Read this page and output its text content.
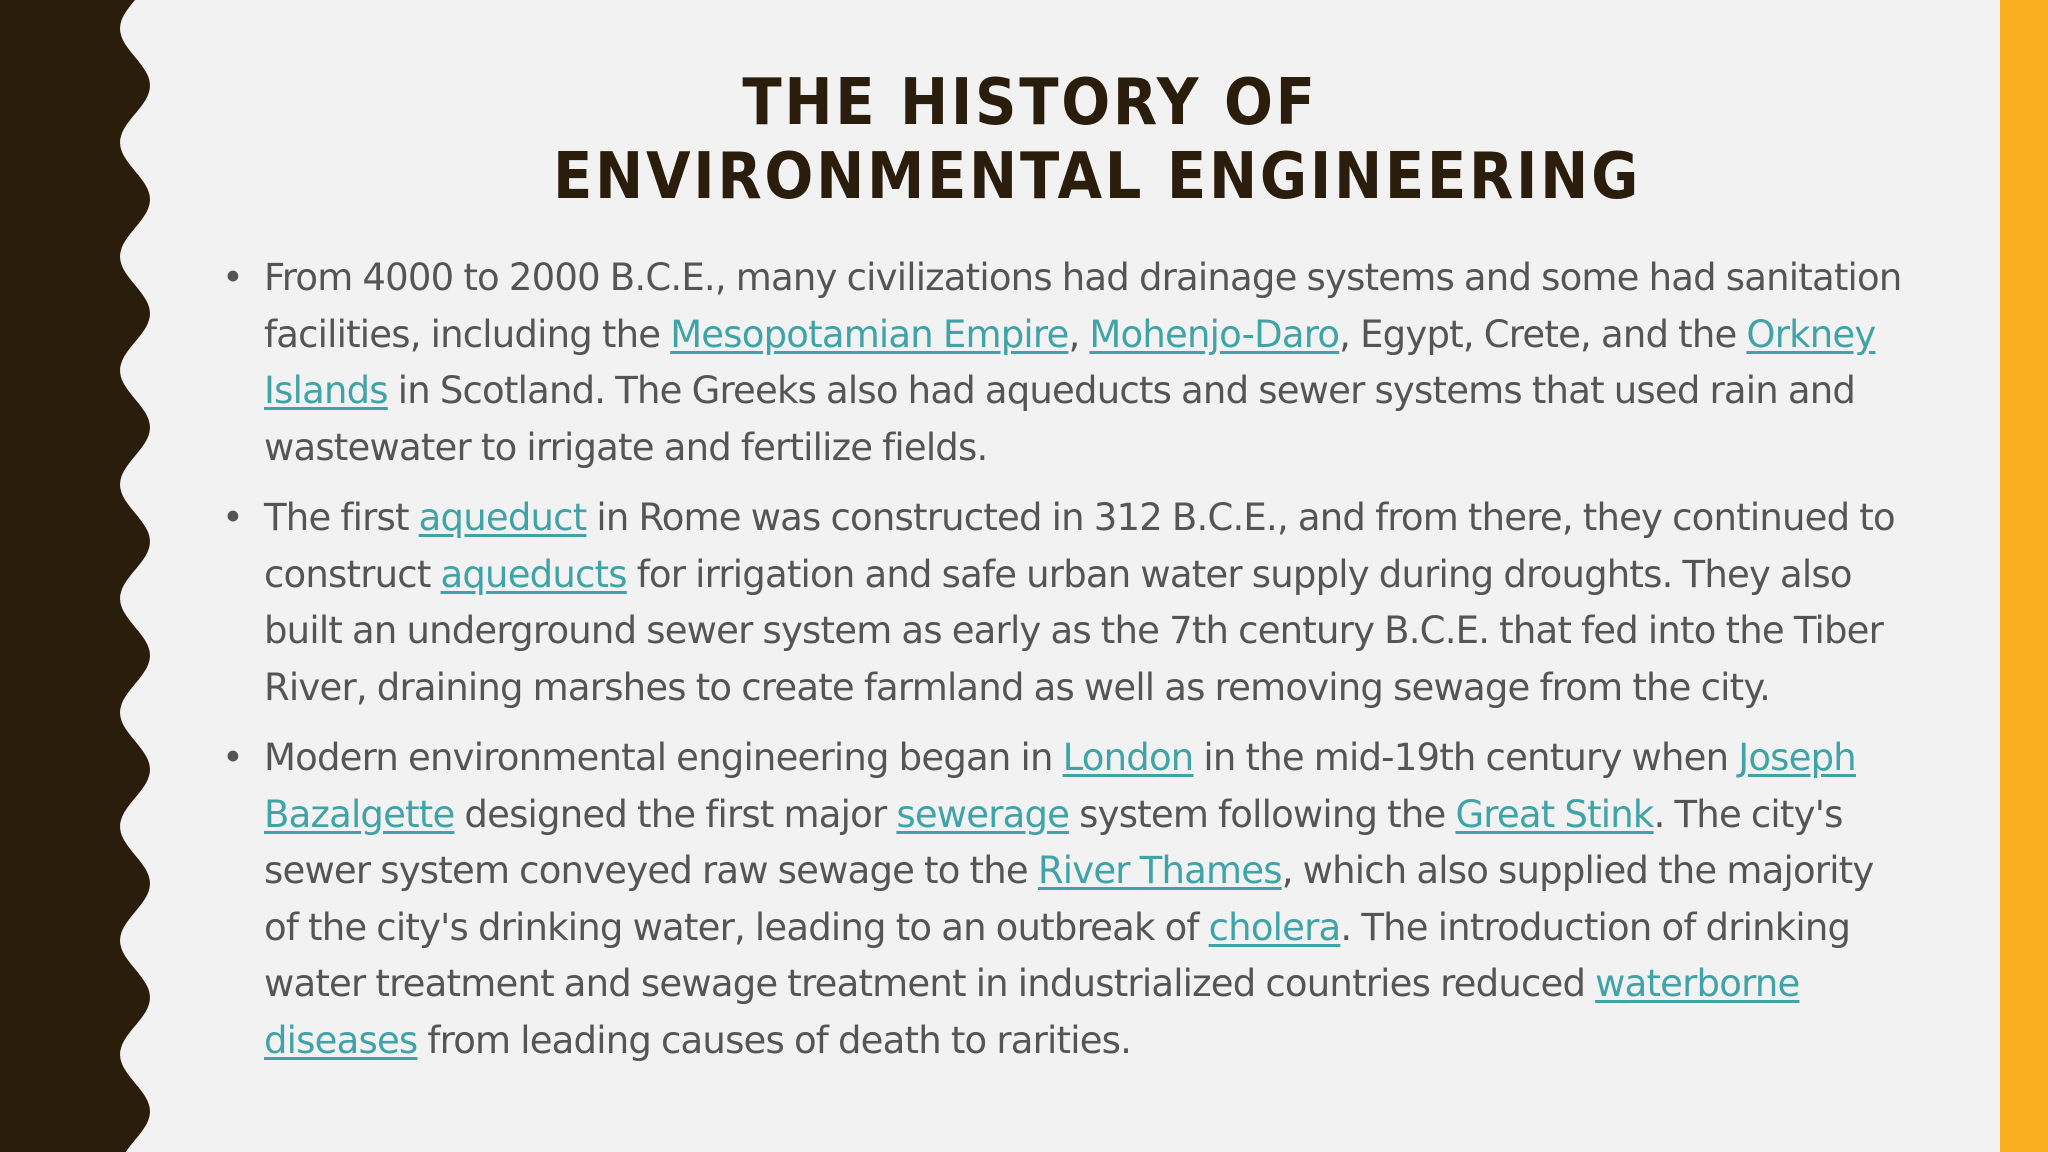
THE HISTORY OF
ENVIRONMENTAL ENGINEERING
• From 4000 to 2000 B.C.E., many civilizations had drainage systems and some had sanitation facilities, including the Mesopotamian Empire, Mohenjo-Daro, Egypt, Crete, and the Orkney Islands in Scotland. The Greeks also had aqueducts and sewer systems that used rain and wastewater to irrigate and fertilize fields.
• The first aqueduct in Rome was constructed in 312 B.C.E., and from there, they continued to construct aqueducts for irrigation and safe urban water supply during droughts. They also built an underground sewer system as early as the 7th century B.C.E. that fed into the Tiber River, draining marshes to create farmland as well as removing sewage from the city.
• Modern environmental engineering began in London in the mid-19th century when Joseph Bazalgette designed the first major sewerage system following the Great Stink. The city's sewer system conveyed raw sewage to the River Thames, which also supplied the majority of the city's drinking water, leading to an outbreak of cholera. The introduction of drinking water treatment and sewage treatment in industrialized countries reduced waterborne diseases from leading causes of death to rarities.
